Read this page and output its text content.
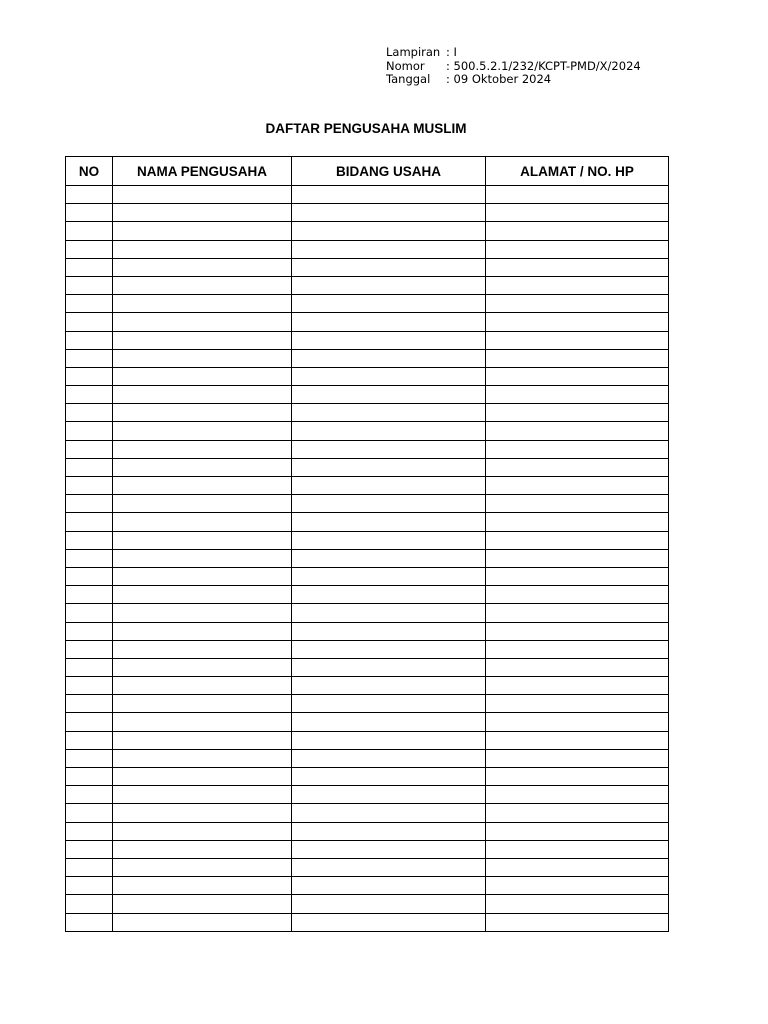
Lampiran : I
Nomor	: 500.5.2.1/232/KCPT-PMD/X/2024
Tanggal	: 09 Oktober 2024
DAFTAR PENGUSAHA MUSLIM
NO	NAMA PENGUSAHA	BIDANG USAHA	ALAMAT / NO. HP
